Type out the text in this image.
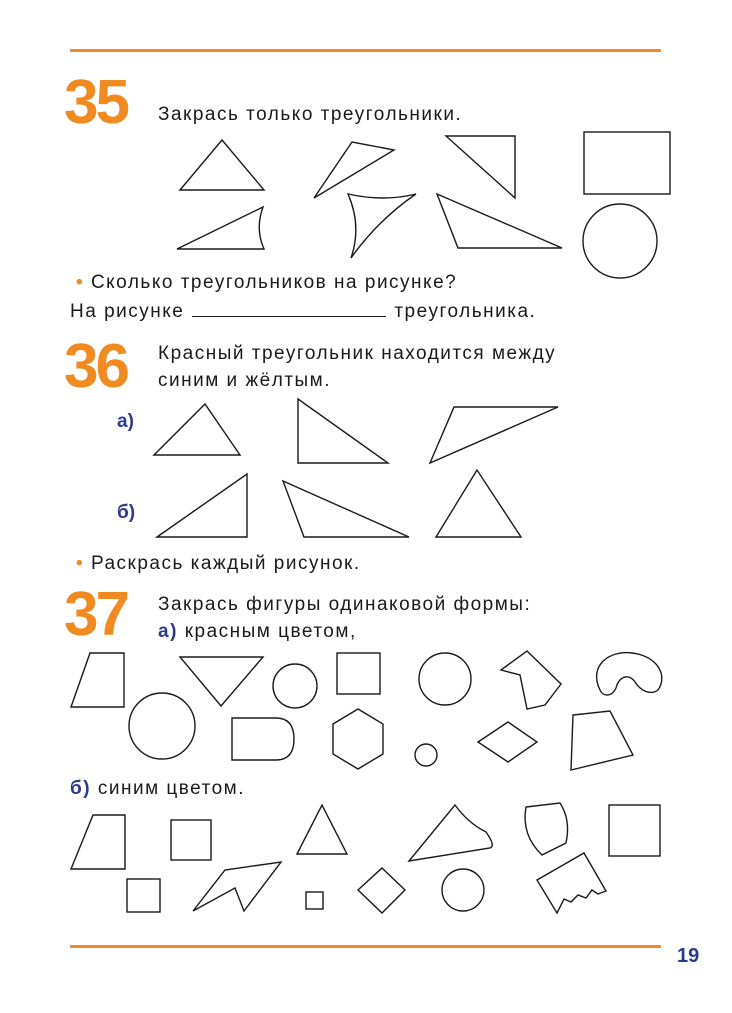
35 Закрась только треугольники.
• Сколько треугольников на рисунке?
На рисунке	треугольника.
36 Красный треугольник находится между
синим и жёлтым.
а)
б)
• Раскрась каждый рисунок.
37 Закрась фигуры одинаковой формы:
а) красным цветом,
б) синим цветом.
19
